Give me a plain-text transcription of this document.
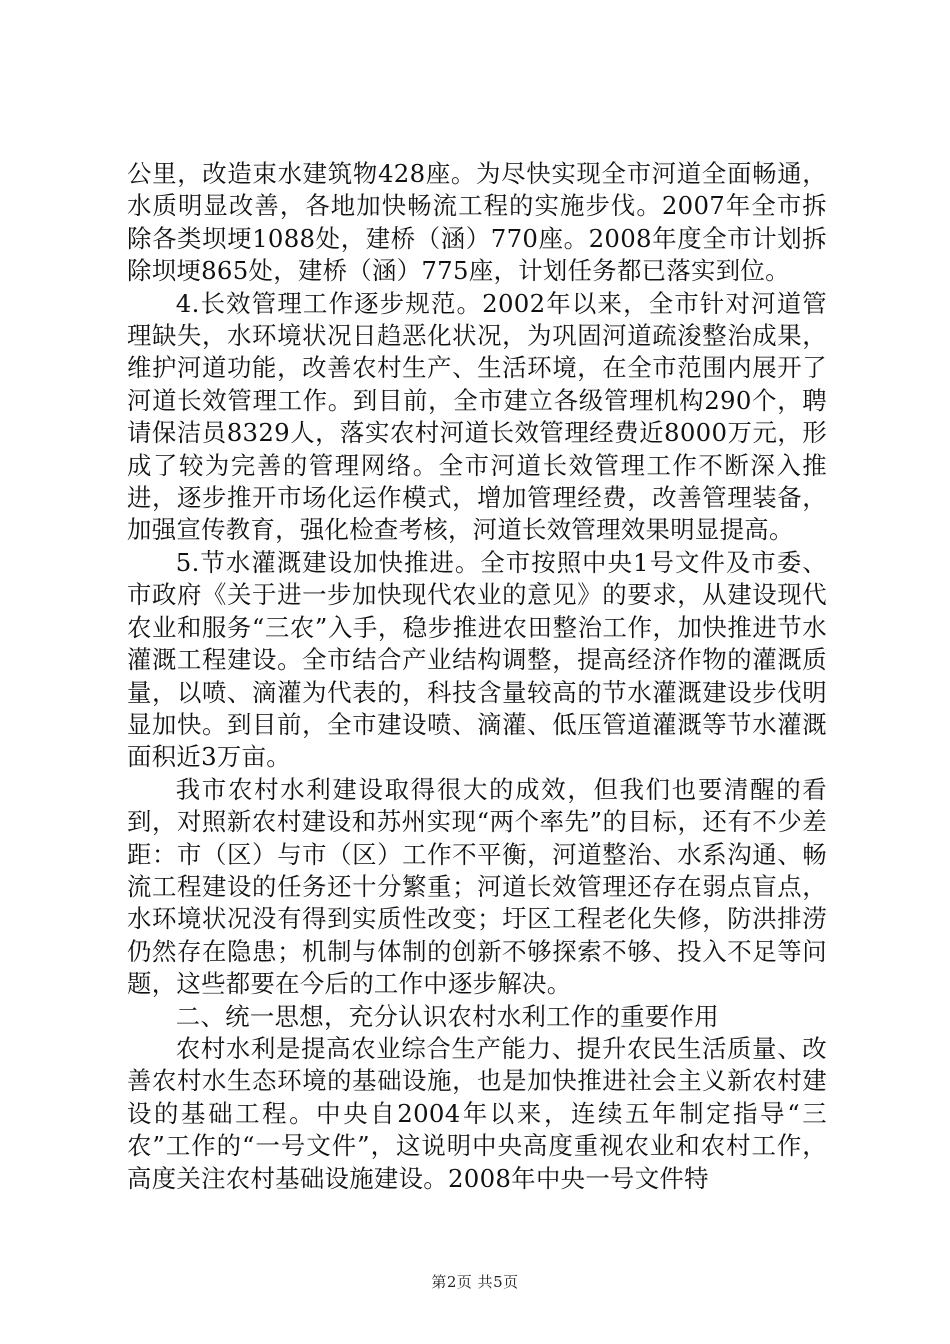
公里，改造束水建筑物428座。为尽快实现全市河道全面畅通，水质明显改善，各地加快畅流工程的实施步伐。2007年全市拆除各类坝埂1088处，建桥（涵）770座。2008年度全市计划拆除坝埂865处，建桥（涵）775座，计划任务都已落实到位。

4.长效管理工作逐步规范。2002年以来，全市针对河道管理缺失，水环境状况日趋恶化状况，为巩固河道疏浚整治成果，维护河道功能，改善农村生产、生活环境，在全市范围内展开了河道长效管理工作。到目前，全市建立各级管理机构290个，聘请保洁员8329人，落实农村河道长效管理经费近8000万元，形成了较为完善的管理网络。全市河道长效管理工作不断深入推进，逐步推开市场化运作模式，增加管理经费，改善管理装备，加强宣传教育，强化检查考核，河道长效管理效果明显提高。

5.节水灌溉建设加快推进。全市按照中央1号文件及市委、市政府《关于进一步加快现代农业的意见》的要求，从建设现代农业和服务“三农”入手，稳步推进农田整治工作，加快推进节水灌溉工程建设。全市结合产业结构调整，提高经济作物的灌溉质量，以喷、滴灌为代表的，科技含量较高的节水灌溉建设步伐明显加快。到目前，全市建设喷、滴灌、低压管道灌溉等节水灌溉面积近3万亩。

我市农村水利建设取得很大的成效，但我们也要清醒的看到，对照新农村建设和苏州实现“两个率先”的目标，还有不少差距：市（区）与市（区）工作不平衡，河道整治、水系沟通、畅流工程建设的任务还十分繁重；河道长效管理还存在弱点盲点，水环境状况没有得到实质性改变；圩区工程老化失修，防洪排涝仍然存在隐患；机制与体制的创新不够探索不够、投入不足等问题，这些都要在今后的工作中逐步解决。

二、统一思想，充分认识农村水利工作的重要作用

农村水利是提高农业综合生产能力、提升农民生活质量、改善农村水生态环境的基础设施，也是加快推进社会主义新农村建设的基础工程。中央自2004年以来，连续五年制定指导“三农”工作的“一号文件”，这说明中央高度重视农业和农村工作，高度关注农村基础设施建设。2008年中央一号文件特

第2页 共5页
